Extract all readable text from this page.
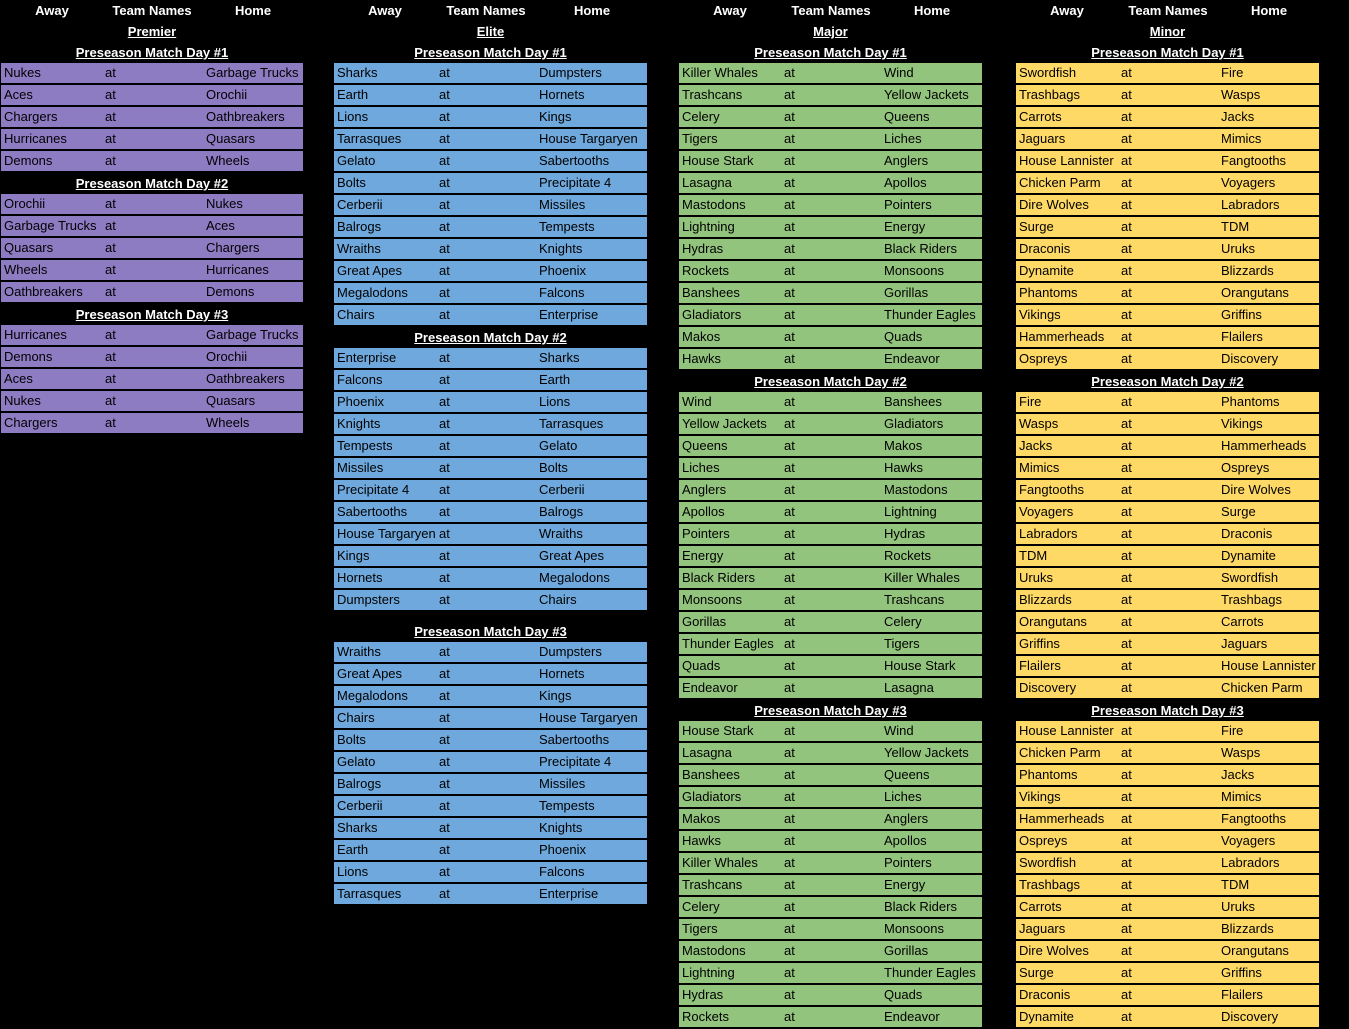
Away	Team Names	Home
Premier
Preseason Match Day #1
Nukes	at	Garbage Trucks
Aces	at	Orochii
Chargers	at	Oathbreakers
Hurricanes	at	Quasars
Demons	at	Wheels
Preseason Match Day #2
Orochii	at	Nukes
Garbage Trucks at	Aces
Quasars	at	Chargers
Wheels	at	Hurricanes
Oathbreakers at	Demons
Preseason Match Day #3
Hurricanes	at	Garbage Trucks
Demons	at	Orochii
Aces	at	Oathbreakers
Nukes	at	Quasars
Chargers	at	Wheels
Away	Team Names	Home
Elite
Preseason Match Day #1
Sharks	at	Dumpsters
Earth	at	Hornets
Lions	at	Kings
Tarrasques	at	House Targaryen
Gelato	at	Sabertooths
Bolts	at	Precipitate 4
Cerberii	at	Missiles
Balrogs	at	Tempests
Wraiths	at	Knights
Great Apes	at	Phoenix
Megalodons at	Falcons
Chairs	at	Enterprise
Preseason Match Day #2
Enterprise	at	Sharks
Falcons	at	Earth
Phoenix	at	Lions
Knights	at	Tarrasques
Tempests	at	Gelato
Missiles	at	Bolts
Precipitate 4 at	Cerberii
Sabertooths at	Balrogs
House Targaryen at	Wraiths
Kings	at	Great Apes
Hornets	at	Megalodons
Dumpsters	at	Chairs
Preseason Match Day #3
Wraiths	at	Dumpsters
Great Apes	at	Hornets
Megalodons at	Kings
Chairs	at	House Targaryen
Bolts	at	Sabertooths
Gelato	at	Precipitate 4
Balrogs	at	Missiles
Cerberii	at	Tempests
Sharks	at	Knights
Earth	at	Phoenix
Lions	at	Falcons
Tarrasques	at	Enterprise
Away	Team Names	Home
Major
Preseason Match Day #1
Killer Whales at	Wind
Trashcans	at	Yellow Jackets
Celery	at	Queens
Tigers	at	Liches
House Stark at	Anglers
Lasagna	at	Apollos
Mastodons	at	Pointers
Lightning	at	Energy
Hydras	at	Black Riders
Rockets	at	Monsoons
Banshees	at	Gorillas
Gladiators	at	Thunder Eagles
Makos	at	Quads
Hawks	at	Endeavor
Preseason Match Day #2
Wind	at	Banshees
Yellow Jackets at	Gladiators
Queens	at	Makos
Liches	at	Hawks
Anglers	at	Mastodons
Apollos	at	Lightning
Pointers	at	Hydras
Energy	at	Rockets
Black Riders at	Killer Whales
Monsoons	at	Trashcans
Gorillas	at	Celery
Thunder Eagles at	Tigers
Quads	at	House Stark
Endeavor	at	Lasagna
Preseason Match Day #3
House Stark at	Wind
Lasagna	at	Yellow Jackets
Banshees	at	Queens
Gladiators	at	Liches
Makos	at	Anglers
Hawks	at	Apollos
Killer Whales at	Pointers
Trashcans	at	Energy
Celery	at	Black Riders
Tigers	at	Monsoons
Mastodons	at	Gorillas
Lightning	at	Thunder Eagles
Hydras	at	Quads
Rockets	at	Endeavor
Away	Team Names	Home
Minor
Preseason Match Day #1
Swordfish	at	Fire
Trashbags	at	Wasps
Carrots	at	Jacks
Jaguars	at	Mimics
House Lannister at	Fangtooths
Chicken Parm at	Voyagers
Dire Wolves at	Labradors
Surge	at	TDM
Draconis	at	Uruks
Dynamite	at	Blizzards
Phantoms	at	Orangutans
Vikings	at	Griffins
Hammerheads at	Flailers
Ospreys	at	Discovery
Preseason Match Day #2
Fire	at	Phantoms
Wasps	at	Vikings
Jacks	at	Hammerheads
Mimics	at	Ospreys
Fangtooths	at	Dire Wolves
Voyagers	at	Surge
Labradors	at	Draconis
TDM	at	Dynamite
Uruks	at	Swordfish
Blizzards	at	Trashbags
Orangutans	at	Carrots
Griffins	at	Jaguars
Flailers	at	House Lannister
Discovery	at	Chicken Parm
Preseason Match Day #3
House Lannister at	Fire
Chicken Parm at	Wasps
Phantoms	at	Jacks
Vikings	at	Mimics
Hammerheads at	Fangtooths
Ospreys	at	Voyagers
Swordfish	at	Labradors
Trashbags	at	TDM
Carrots	at	Uruks
Jaguars	at	Blizzards
Dire Wolves at	Orangutans
Surge	at	Griffins
Draconis	at	Flailers
Dynamite	at	Discovery
